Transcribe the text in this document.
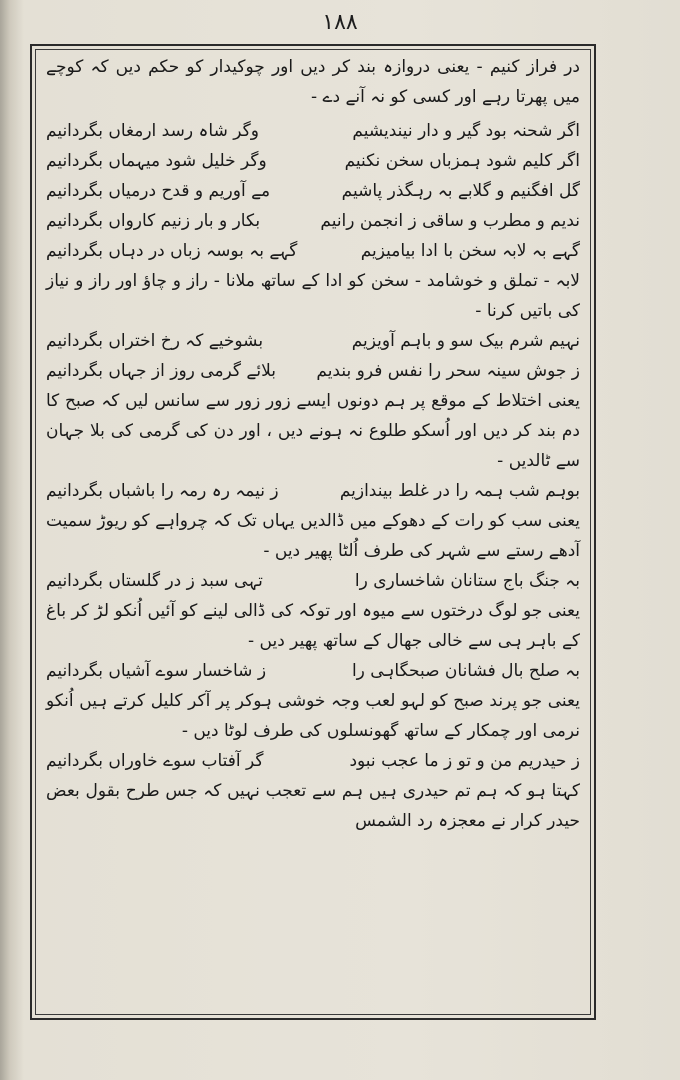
۱۸۸

در فراز کنیم - یعنی دروازہ بند کر دیں اور چوکیدار کو حکم دیں کہ کوچے میں پھرتا رہے اور کسی کو نہ آنے دے -

اگر شحنہ بود گیر و دار نیندیشیم
وگر شاہ رسد ارمغاں بگردانیم
اگر کلیم شود ہمزباں سخن نکنیم
وگر خلیل شود میہماں بگردانیم
گل افگنیم و گلابے بہ رہگذر پاشیم
مے آوریم و قدح درمیاں بگردانیم
ندیم و مطرب و ساقی ز انجمن رانیم
بکار و بار زنیم کارواں بگردانیم
گہے بہ لابہ سخن با ادا بیامیزیم
گہے بہ بوسہ زباں در دہاں بگردانیم

لابہ - تملق و خوشامد - سخن کو ادا کے ساتھ ملانا - راز و چاؤ اور راز و نیاز کی باتیں کرنا -

نہیم شرم بیک سو و باہم آویزیم
بشوخیے کہ رخ اختراں بگردانیم
ز جوش سینہ سحر را نفس فرو بندیم
بلائے گرمی روز از جہاں بگردانیم

یعنی اختلاط کے موقع پر ہم دونوں ایسے زور زور سے سانس لیں کہ صبح کا دم بند کر دیں اور اُسکو طلوع نہ ہونے دیں ، اور دن کی گرمی کی بلا جہان سے ٹالدیں -

بوہم شب ہمہ را در غلط بیندازیم
ز نیمہ رہ رمہ را باشباں بگردانیم

یعنی سب کو رات کے دھوکے میں ڈالدیں یہاں تک کہ چرواہے کو ریوڑ سمیت آدھے رستے سے شہر کی طرف اُلٹا پھیر دیں -

بہ جنگ باج ستانان شاخساری را
تہی سبد ز در گلستاں بگردانیم

یعنی جو لوگ درختوں سے میوہ اور توکہ کی ڈالی لینے کو آئیں اُنکو لڑ کر باغ کے باہر ہی سے خالی جھال کے ساتھ پھیر دیں -

بہ صلح بال فشانان صبحگاہی را
ز شاخسار سوے آشیاں بگردانیم

یعنی جو پرند صبح کو لہو لعب وجہ خوشی ہوکر پر آکر کلیل کرتے ہیں اُنکو نرمی اور چمکار کے ساتھ گھونسلوں کی طرف لوٹا دیں -

ز حیدریم من و تو ز ما عجب نبود
گر آفتاب سوے خاوراں بگردانیم

کہتا ہو کہ ہم تم حیدری ہیں ہم سے تعجب نہیں کہ جس طرح بقول بعض حیدر کرار نے معجزہ رد الشمس
